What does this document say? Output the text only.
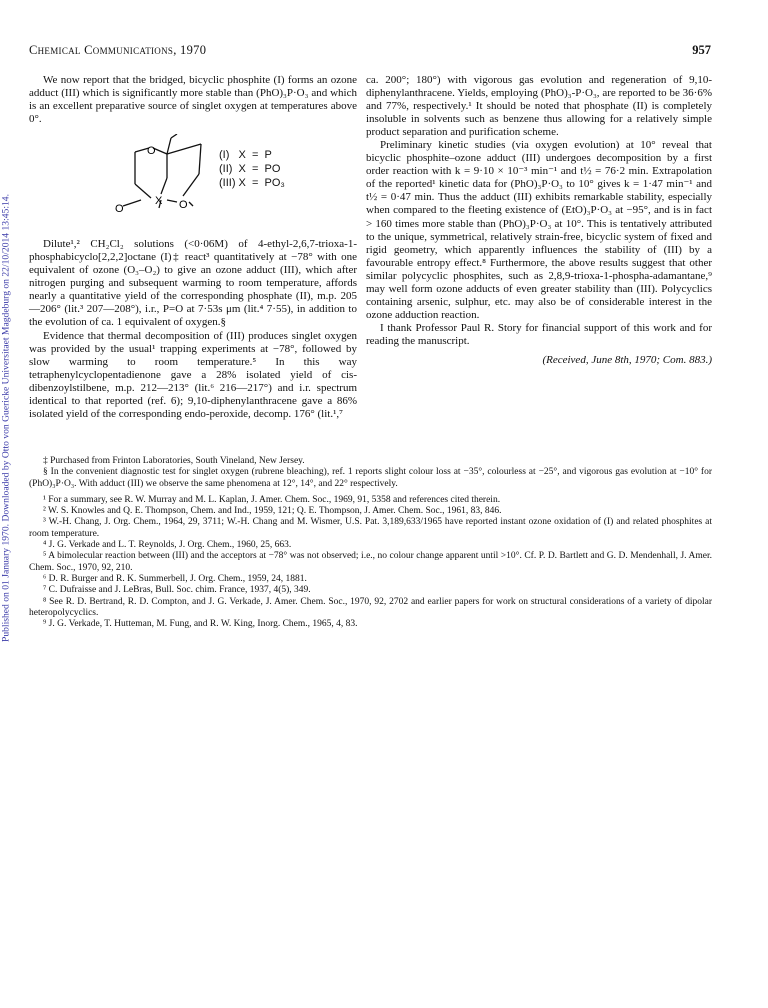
Published on 01 January 1970. Downloaded by Otto von Guericke Universitaet Magdeburg on 22/10/2014 13:45:14.
Chemical Communications, 1970	957

We now report that the bridged, bicyclic phosphite (I) forms an ozone adduct (III) which is significantly more stable than (PhO)₃P·O₃ and which is an excellent preparative source of singlet oxygen at temperatures above 0°.

O
O
X O
(I)   X  =  P
(II)  X  =  PO
(III) X  =  PO₃

Dilute¹,² CH₂Cl₂ solutions (<0·06M) of 4-ethyl-2,6,7-trioxa-1-phosphabicyclo[2,2,2]octane (I)‡ react³ quantitatively at −78° with one equivalent of ozone (O₃–O₂) to give an ozone adduct (III), which after nitrogen purging and subsequent warming to room temperature, affords nearly a quantitative yield of the corresponding phosphate (II), m.p. 205—206° (lit.³ 207—208°), i.r., P=O at 7·53s μm (lit.⁴ 7·55), in addition to the evolution of ca. 1 equivalent of oxygen.§

Evidence that thermal decomposition of (III) produces singlet oxygen was provided by the usual¹ trapping experiments at −78°, followed by slow warming to room temperature.⁵ In this way tetraphenylcyclopentadienone gave a 28% isolated yield of cis-dibenzoylstilbene, m.p. 212—213° (lit.⁶ 216—217°) and i.r. spectrum identical to that reported (ref. 6); 9,10-diphenylanthracene gave a 86% isolated yield of the corresponding endo-peroxide, decomp. 176° (lit.¹,⁷

ca. 200°; 180°) with vigorous gas evolution and regeneration of 9,10-diphenylanthracene. Yields, employing (PhO)₃-P·O₃, are reported to be 36·6% and 77%, respectively.¹ It should be noted that phosphate (II) is completely insoluble in solvents such as benzene thus allowing for a relatively simple product separation and purification scheme.

Preliminary kinetic studies (via oxygen evolution) at 10° reveal that bicyclic phosphite–ozone adduct (III) undergoes decomposition by a first order reaction with k = 9·10 × 10⁻³ min⁻¹ and t½ = 76·2 min. Extrapolation of the reported¹ kinetic data for (PhO)₃P·O₃ to 10° gives k = 1·47 min⁻¹ and t½ = 0·47 min. Thus the adduct (III) exhibits remarkable stability, especially when compared to the fleeting existence of (EtO)₃P·O₃ at −95°, and is in fact > 160 times more stable than (PhO)₃P·O₃ at 10°. This is tentatively attributed to the unique, symmetrical, relatively strain-free, bicyclic system of fixed and rigid geometry, which apparently influences the stability of (III) by a favourable entropy effect.⁸ Furthermore, the above results suggest that other similar polycyclic phosphites, such as 2,8,9-trioxa-1-phospha-adamantane,⁹ may well form ozone adducts of even greater stability than (III). Polycyclics containing arsenic, sulphur, etc. may also be of considerable interest in the ozone adduction reaction.

I thank Professor Paul R. Story for financial support of this work and for reading the manuscript.

(Received, June 8th, 1970; Com. 883.)

‡ Purchased from Frinton Laboratories, South Vineland, New Jersey.

§ In the convenient diagnostic test for singlet oxygen (rubrene bleaching), ref. 1 reports slight colour loss at −35°, colourless at −25°, and vigorous gas evolution at −10° for (PhO)₃P·O₃. With adduct (III) we observe the same phenomena at 12°, 14°, and 22° respectively.

¹ For a summary, see R. W. Murray and M. L. Kaplan, J. Amer. Chem. Soc., 1969, 91, 5358 and references cited therein.

² W. S. Knowles and Q. E. Thompson, Chem. and Ind., 1959, 121; Q. E. Thompson, J. Amer. Chem. Soc., 1961, 83, 846.

³ W.-H. Chang, J. Org. Chem., 1964, 29, 3711; W.-H. Chang and M. Wismer, U.S. Pat. 3,189,633/1965 have reported instant ozone oxidation of (I) and related phosphites at room temperature.

⁴ J. G. Verkade and L. T. Reynolds, J. Org. Chem., 1960, 25, 663.

⁵ A bimolecular reaction between (III) and the acceptors at −78° was not observed; i.e., no colour change apparent until >10°. Cf. P. D. Bartlett and G. D. Mendenhall, J. Amer. Chem. Soc., 1970, 92, 210.

⁶ D. R. Burger and R. K. Summerbell, J. Org. Chem., 1959, 24, 1881.

⁷ C. Dufraisse and J. LeBras, Bull. Soc. chim. France, 1937, 4(5), 349.

⁸ See R. D. Bertrand, R. D. Compton, and J. G. Verkade, J. Amer. Chem. Soc., 1970, 92, 2702 and earlier papers for work on structural considerations of a variety of dipolar heteropolycyclics.

⁹ J. G. Verkade, T. Hutteman, M. Fung, and R. W. King, Inorg. Chem., 1965, 4, 83.
